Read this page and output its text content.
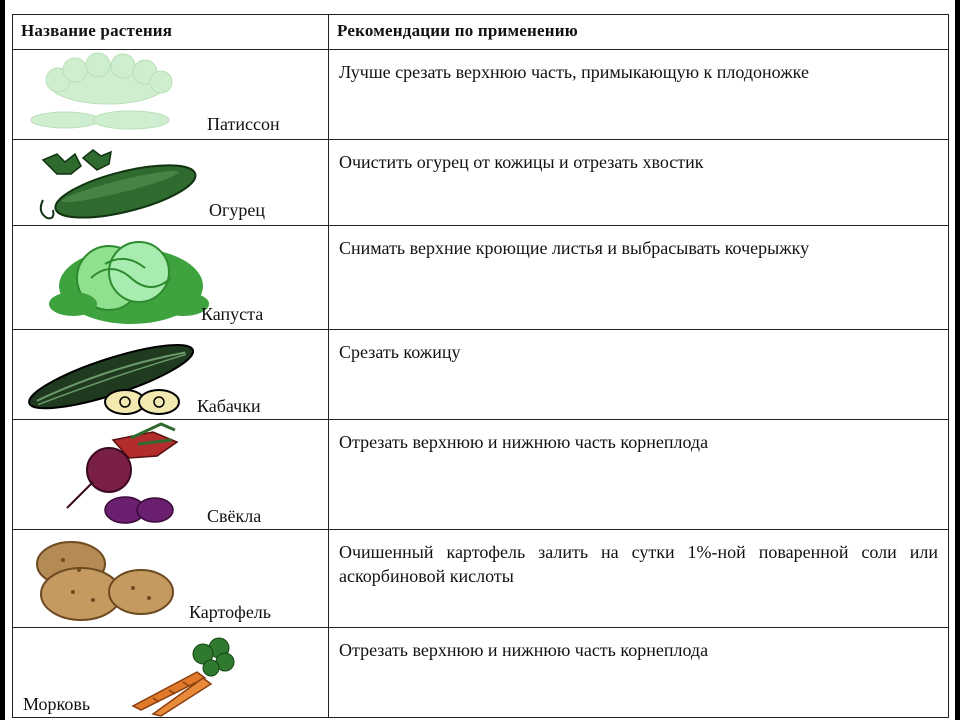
Название растения	Рекомендации по применению

Патиссон	Лучше срезать верхнюю часть, примыкающую к плодоножке

Огурец	Очистить огурец от кожицы и отрезать хвостик

Капуста	Снимать верхние кроющие листья и выбрасывать кочерыжку

Кабачки	Срезать кожицу

Свёкла	Отрезать верхнюю и нижнюю часть корнеплода

Картофель	Очишенный картофель залить на сутки 1%-ной поваренной соли или аскорбиновой кислоты

Морковь	Отрезать верхнюю и нижнюю часть корнеплода
